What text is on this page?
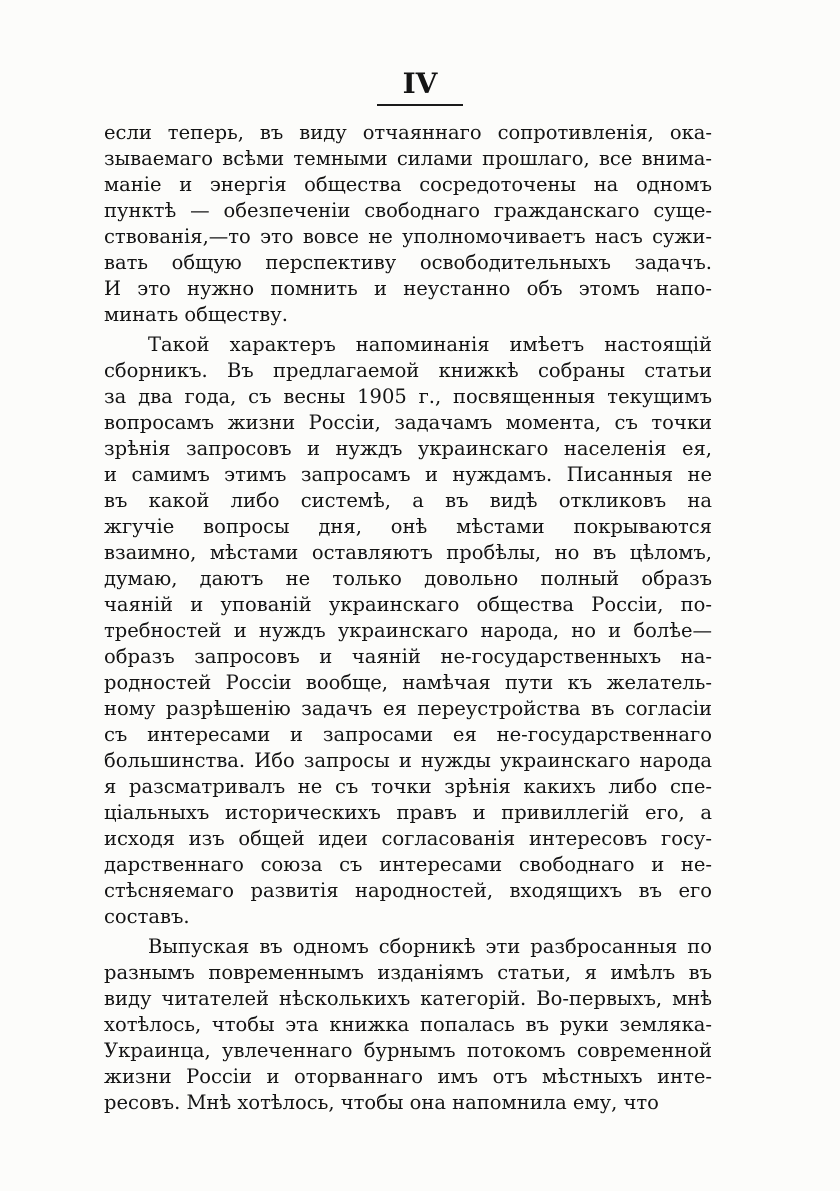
IV
если теперь, въ виду отчаяннаго сопротивленія, ока-
зываемаго всѣми темными силами прошлаго, все внима-
маніе и энергія общества сосредоточены на одномъ
пунктѣ — обезпеченіи свободнаго гражданскаго суще-
ствованія,—то это вовсе не уполномочиваетъ насъ сужи-
вать общую перспективу освободительныхъ задачъ.
И это нужно помнить и неустанно объ этомъ напо-
минать обществу.
Такой характеръ напоминанія имѣетъ настоящій
сборникъ. Въ предлагаемой книжкѣ собраны статьи
за два года, съ весны 1905 г., посвященныя текущимъ
вопросамъ жизни Россіи, задачамъ момента, съ точки
зрѣнія запросовъ и нуждъ украинскаго населенія ея,
и самимъ этимъ запросамъ и нуждамъ. Писанныя не
въ какой либо системѣ, а въ видѣ откликовъ на
жгучіе вопросы дня, онѣ мѣстами покрываются
взаимно, мѣстами оставляютъ пробѣлы, но въ цѣломъ,
думаю, даютъ не только довольно полный образъ
чаяній и упованій украинскаго общества Россіи, по-
требностей и нуждъ украинскаго народа, но и болѣе—
образъ запросовъ и чаяній не-государственныхъ на-
родностей Россіи вообще, намѣчая пути къ желатель-
ному разрѣшенію задачъ ея переустройства въ согласіи
съ интересами и запросами ея не-государственнаго
большинства. Ибо запросы и нужды украинскаго народа
я разсматривалъ не съ точки зрѣнія какихъ либо спе-
ціальныхъ историческихъ правъ и привиллегій его, а
исходя изъ общей идеи согласованія интересовъ госу-
дарственнаго союза съ интересами свободнаго и не-
стѣсняемаго развитія народностей, входящихъ въ его
составъ.
Выпуская въ одномъ сборникѣ эти разбросанныя по
разнымъ повременнымъ изданіямъ статьи, я имѣлъ въ
виду читателей нѣсколькихъ категорій. Во-первыхъ, мнѣ
хотѣлось, чтобы эта книжка попалась въ руки земляка-
Украинца, увлеченнаго бурнымъ потокомъ современной
жизни Россіи и оторваннаго имъ отъ мѣстныхъ инте-
ресовъ. Мнѣ хотѣлось, чтобы она напомнила ему, что
